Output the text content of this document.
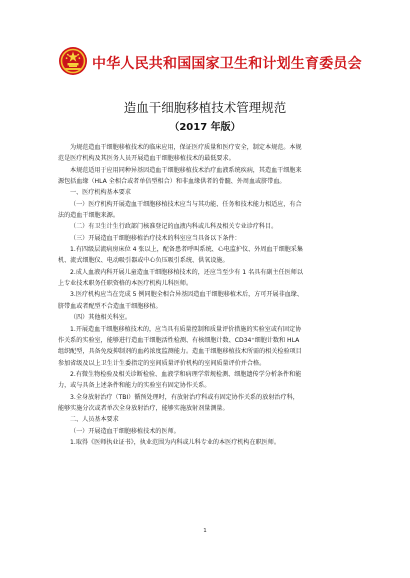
中华人民共和国国家卫生和计划生育委员会
造血干细胞移植技术管理规范
（2017 年版）

为规范造血干细胞移植技术的临床应用，保证医疗质量和医疗安全，制定本规范。本规

范是医疗机构及其医务人员开展造血干细胞移植技术的最低要求。

本规范适用于应用同种异基因造血干细胞移植技术治疗血液系统疾病，其造血干细胞来

源包括血缘（HLA 全相合或者单倍型相合）和非血缘供者的骨髓、外周血或脐带血。

一、医疗机构基本要求

（一）医疗机构开展造血干细胞移植技术应当与其功能、任务和技术能力相适应，有合

法的造血干细胞来源。

（二）有卫生计生行政部门核准登记的血液内科或儿科及相关专业诊疗科目。

（三）开展造血干细胞移植治疗技术的科室应当具备以下条件：

1.有四级层流病房床位 4 张以上，配备患者呼叫系统、心电监护仪、外周血干细胞采集

机、流式细胞仪、电动吸引器或中心负压吸引系统、供氧设施。

2.成人血液内科开展儿童造血干细胞移植技术的，还应当至少有 1 名具有副主任医师以

上专业技术职务任职资格的本医疗机构儿科医师。

3.医疗机构应当在完成 5 例同胞全相合异基因造血干细胞移植术后，方可开展非血缘、

脐带血或者配型不合造血干细胞移植。

（四）其他相关科室。

1.开展造血干细胞移植技术的，应当具有质量控制和质量评价措施的实验室或有固定协

作关系的实验室，能够进行造血干细胞活性检测、有核细胞计数、CD34⁺细胞计数和 HLA

组织配型，具备免疫抑制剂的血药浓度监测能力。造血干细胞移植技术所需的相关检验项目

参加省级及以上卫生计生委指定的室间质量评价机构的室间质量评价并合格。

2.有微生物检验及相关诊断检验、血液学和病理学常规检测、细胞遗传学分析条件和能

力，或与具备上述条件和能力的实验室有固定协作关系。

3.全身放射治疗（TBI）循预处理时，有放射治疗科或有固定协作关系的放射治疗科，

能够实施分次或者单次全身放射治疗，能够实施放射剂量测量。

二、人员基本要求

（一）开展造血干细胞移植技术的医师。

1.取得《医师执业证书》，执业范围为内科或儿科专业的本医疗机构在职医师。

1
